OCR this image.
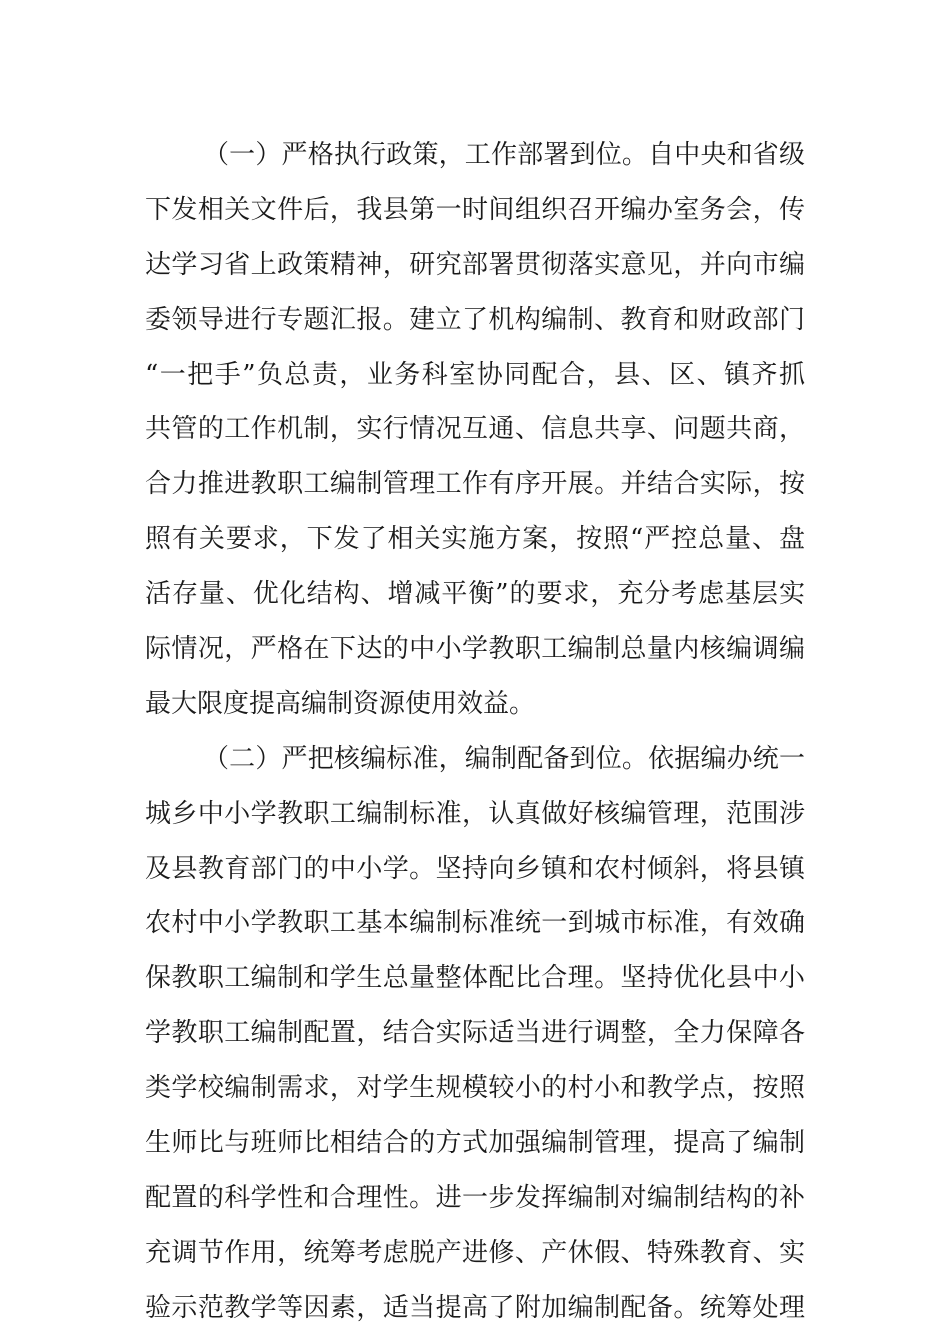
（一）严格执行政策，工作部署到位。自中央和省级
下发相关文件后，我县第一时间组织召开编办室务会，传
达学习省上政策精神，研究部署贯彻落实意见，并向市编
委领导进行专题汇报。建立了机构编制、教育和财政部门
“一把手”负总责，业务科室协同配合，县、区、镇齐抓
共管的工作机制，实行情况互通、信息共享、问题共商，
合力推进教职工编制管理工作有序开展。并结合实际，按
照有关要求，下发了相关实施方案，按照“严控总量、盘
活存量、优化结构、增减平衡”的要求，充分考虑基层实
际情况，严格在下达的中小学教职工编制总量内核编调编
最大限度提高编制资源使用效益。
（二）严把核编标准，编制配备到位。依据编办统一
城乡中小学教职工编制标准，认真做好核编管理，范围涉
及县教育部门的中小学。坚持向乡镇和农村倾斜，将县镇
农村中小学教职工基本编制标准统一到城市标准，有效确
保教职工编制和学生总量整体配比合理。坚持优化县中小
学教职工编制配置，结合实际适当进行调整，全力保障各
类学校编制需求，对学生规模较小的村小和教学点，按照
生师比与班师比相结合的方式加强编制管理，提高了编制
配置的科学性和合理性。进一步发挥编制对编制结构的补
充调节作用，统筹考虑脱产进修、产休假、特殊教育、实
验示范教学等因素，适当提高了附加编制配备。统筹处理
